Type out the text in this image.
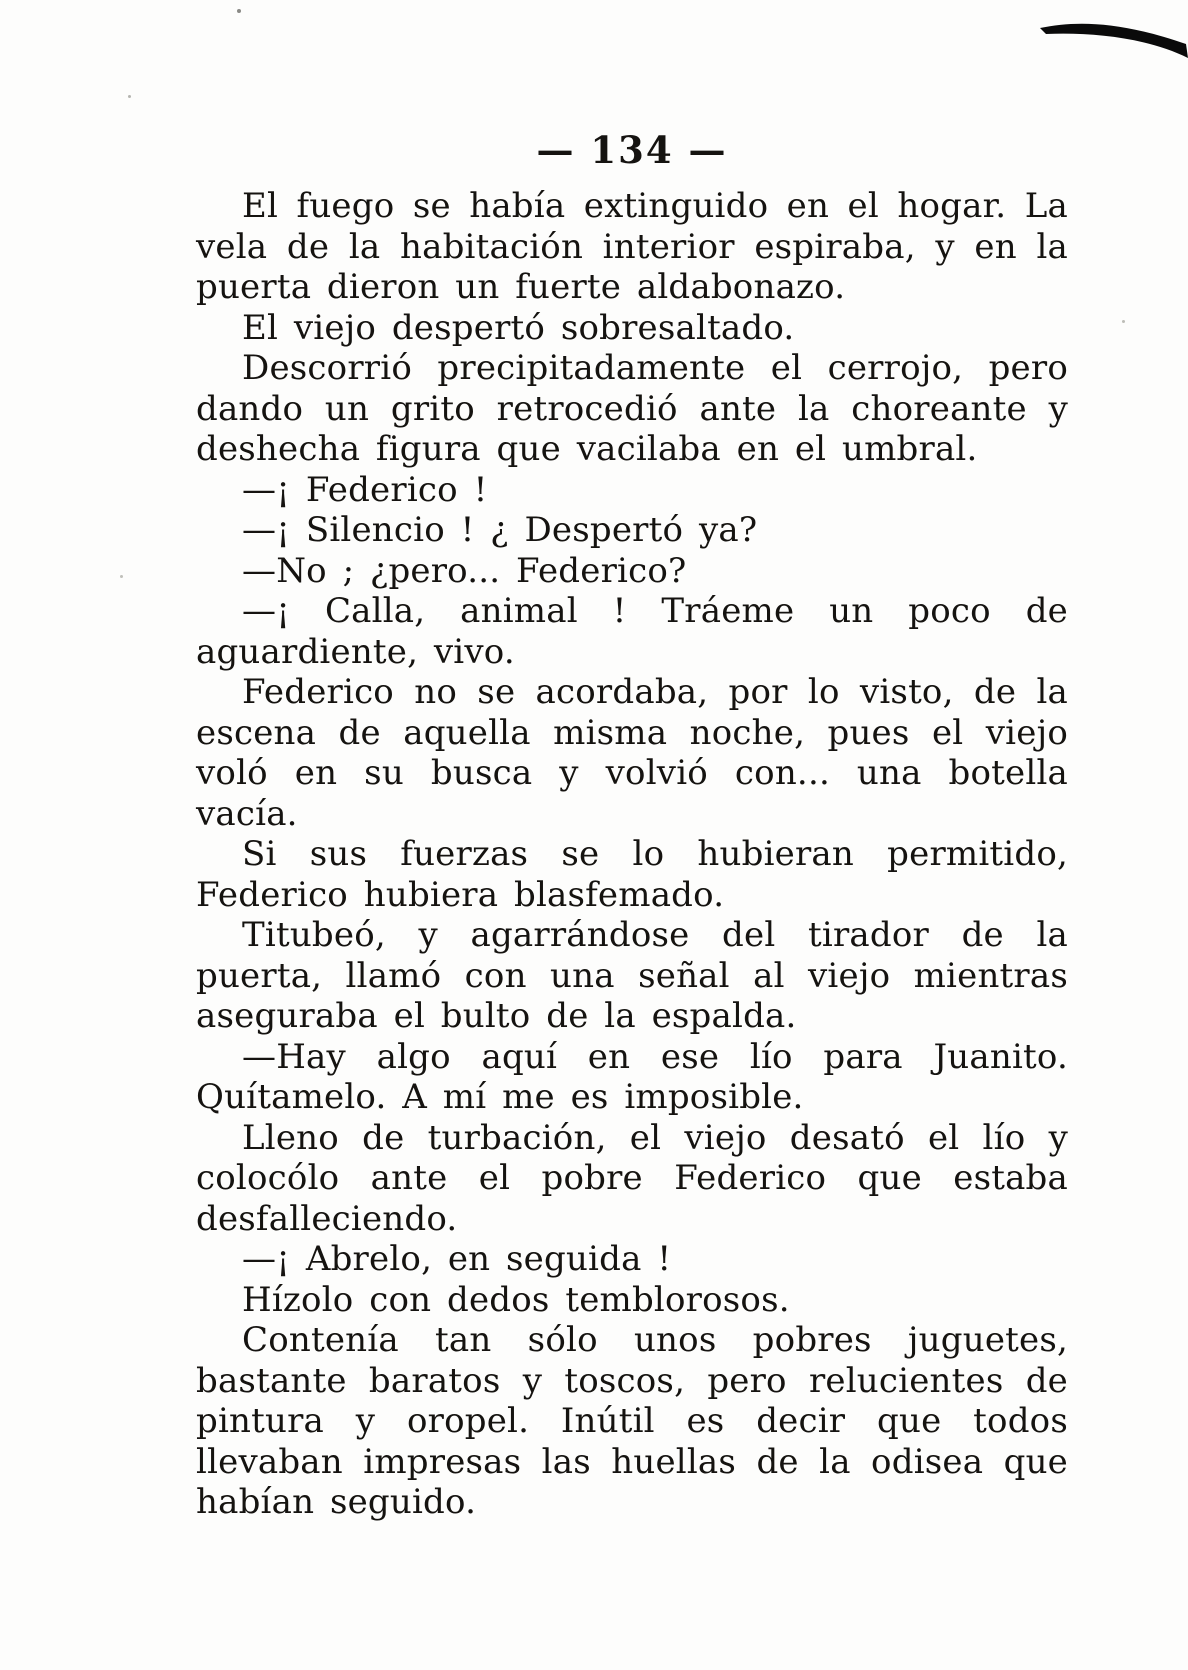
— 134 —

El fuego se había extinguido en el hogar. La vela de la habitación interior espiraba, y en la puerta dieron un fuerte aldabonazo.

El viejo despertó sobresaltado.

Descorrió precipitadamente el cerrojo, pero dando un grito retrocedió ante la choreante y deshecha figura que vacilaba en el umbral.

—¡ Federico !

—¡ Silencio ! ¿ Despertó ya?

—No ; ¿pero... Federico?

—¡ Calla, animal ! Tráeme un poco de aguardiente, vivo.

Federico no se acordaba, por lo visto, de la escena de aquella misma noche, pues el viejo voló en su busca y volvió con... una botella vacía.

Si sus fuerzas se lo hubieran permitido, Federico hubiera blasfemado.

Titubeó, y agarrándose del tirador de la puerta, llamó con una señal al viejo mientras aseguraba el bulto de la espalda.

—Hay algo aquí en ese lío para Juanito. Quítamelo. A mí me es imposible.

Lleno de turbación, el viejo desató el lío y colocólo ante el pobre Federico que estaba desfalleciendo.

—¡ Abrelo, en seguida !

Hízolo con dedos temblorosos.

Contenía tan sólo unos pobres juguetes, bastante baratos y toscos, pero relucientes de pintura y oropel. Inútil es decir que todos llevaban impresas las huellas de la odisea que habían seguido.
